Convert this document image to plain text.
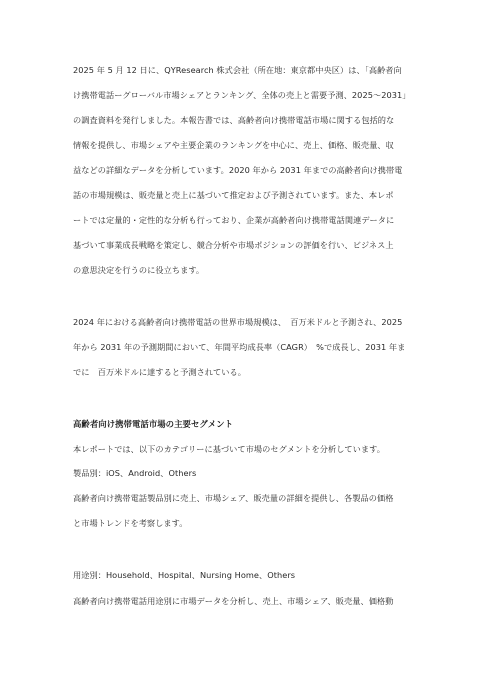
2025 年 5 月 12 日に、QYResearch 株式会社（所在地：東京都中央区）は、「高齢者向
け携帯電話ーグローバル市場シェアとランキング、全体の売上と需要予測、2025〜2031」
の調査資料を発行しました。本報告書では、高齢者向け携帯電話市場に関する包括的な
情報を提供し、市場シェアや主要企業のランキングを中心に、売上、価格、販売量、収
益などの詳細なデータを分析しています。2020 年から 2031 年までの高齢者向け携帯電
話の市場規模は、販売量と売上に基づいて推定および予測されています。また、本レポ
ートでは定量的・定性的な分析も行っており、企業が高齢者向け携帯電話関連データに
基づいて事業成長戦略を策定し、競合分析や市場ポジションの評価を行い、ビジネス上
の意思決定を行うのに役立ちます。
2024 年における高齢者向け携帯電話の世界市場規模は、　百万米ドルと予測され、2025
年から 2031 年の予測期間において、年間平均成長率（CAGR）　%で成長し、2031 年ま
でに　百万米ドルに達すると予測されている。
高齢者向け携帯電話市場の主要セグメント
本レポートでは、以下のカテゴリーに基づいて市場のセグメントを分析しています。
製品別：iOS、Android、Others
高齢者向け携帯電話製品別に売上、市場シェア、販売量の詳細を提供し、各製品の価格
と市場トレンドを考察します。
用途別：Household、Hospital、Nursing Home、Others
高齢者向け携帯電話用途別に市場データを分析し、売上、市場シェア、販売量、価格動
